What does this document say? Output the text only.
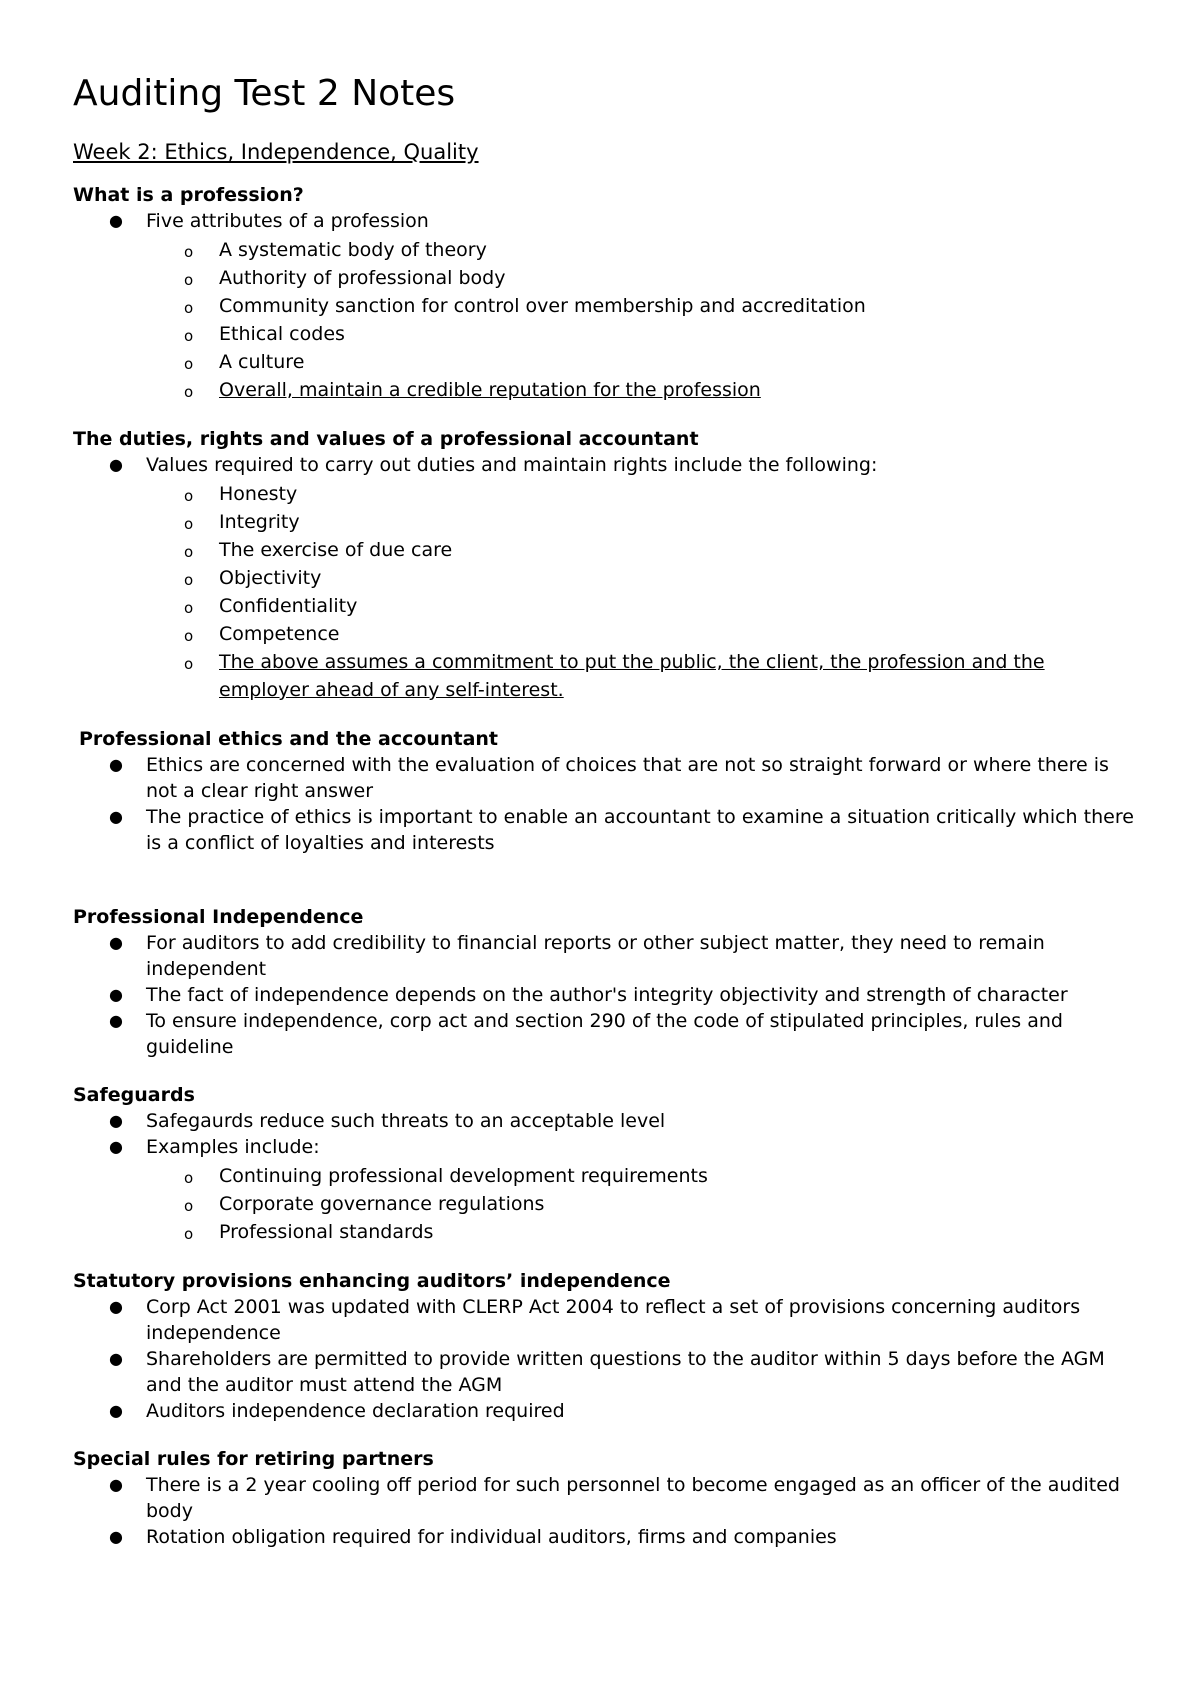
Auditing Test 2 Notes
Week 2: Ethics, Independence, Quality
What is a profession?
● Five attributes of a profession
o A systematic body of theory
o Authority of professional body
o Community sanction for control over membership and accreditation
o Ethical codes
o A culture
o Overall, maintain a credible reputation for the profession
The duties, rights and values of a professional accountant
● Values required to carry out duties and maintain rights include the following:
o Honesty
o Integrity
o The exercise of due care
o Objectivity
o Confidentiality
o Competence
o The above assumes a commitment to put the public, the client, the profession and the employer ahead of any self-interest.
Professional ethics and the accountant
● Ethics are concerned with the evaluation of choices that are not so straight forward or where there is not a clear right answer
● The practice of ethics is important to enable an accountant to examine a situation critically which there is a conflict of loyalties and interests
Professional Independence
● For auditors to add credibility to financial reports or other subject matter, they need to remain independent
● The fact of independence depends on the author's integrity objectivity and strength of character
● To ensure independence, corp act and section 290 of the code of stipulated principles, rules and guideline
Safeguards
● Safegaurds reduce such threats to an acceptable level
● Examples include:
o Continuing professional development requirements
o Corporate governance regulations
o Professional standards
Statutory provisions enhancing auditors’ independence
● Corp Act 2001 was updated with CLERP Act 2004 to reflect a set of provisions concerning auditors independence
● Shareholders are permitted to provide written questions to the auditor within 5 days before the AGM and the auditor must attend the AGM
● Auditors independence declaration required
Special rules for retiring partners
● There is a 2 year cooling off period for such personnel to become engaged as an officer of the audited body
● Rotation obligation required for individual auditors, firms and companies
